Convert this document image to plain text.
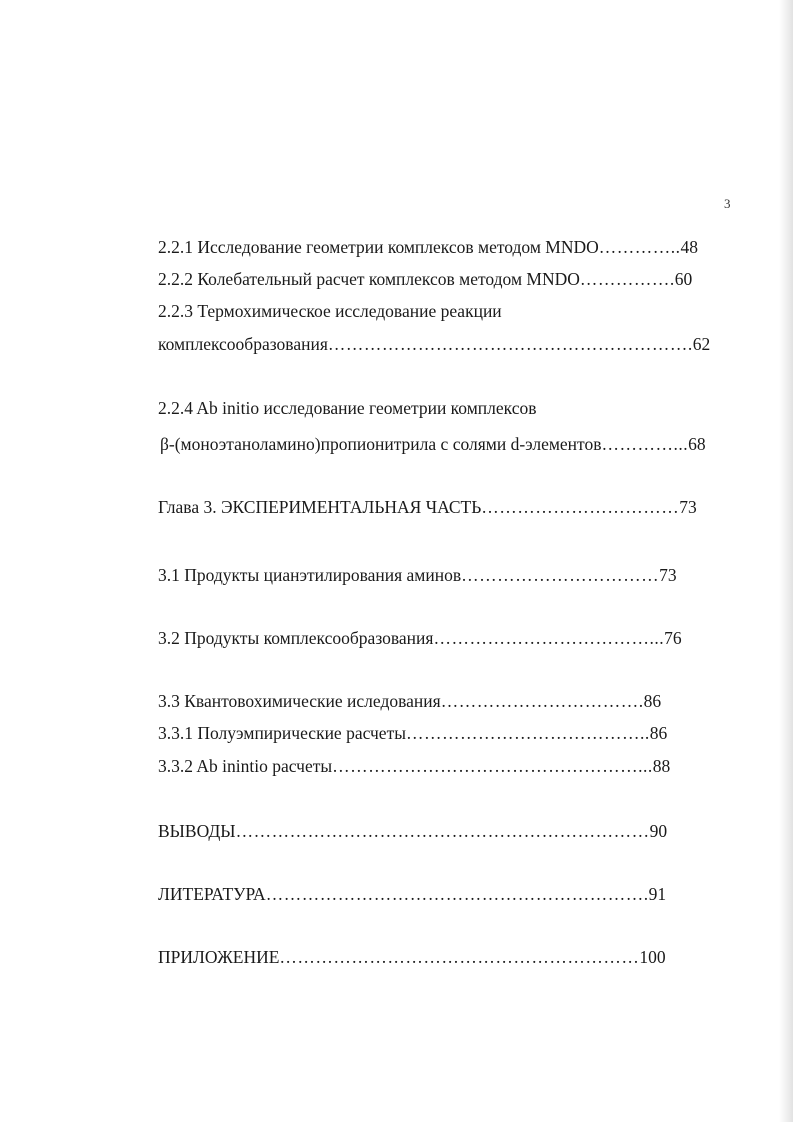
3
2.2.1 Исследование геометрии комплексов методом MNDO…………..48
2.2.2 Колебательный расчет комплексов методом MNDO…………….60
2.2.3 Термохимическое исследование реакции
комплексообразования…………………………………………………….62
2.2.4 Ab initio исследование геометрии комплексов
β-(моноэтаноламино)пропионитрила с солями d-элементов…………...68
Глава 3. ЭКСПЕРИМЕНТАЛЬНАЯ ЧАСТЬ……………………………73
3.1 Продукты цианэтилирования аминов……………………………73
3.2 Продукты комплексообразования………………………………...76
3.3 Квантовохимические иследования…………………………….86
3.3.1 Полуэмпирические расчеты…………………………………..86
3.3.2 Ab inintio расчеты……………………………………………...88
ВЫВОДЫ……………………………………………………………90
ЛИТЕРАТУРА……………………………………………………….91
ПРИЛОЖЕНИЕ……………………………………………………100
